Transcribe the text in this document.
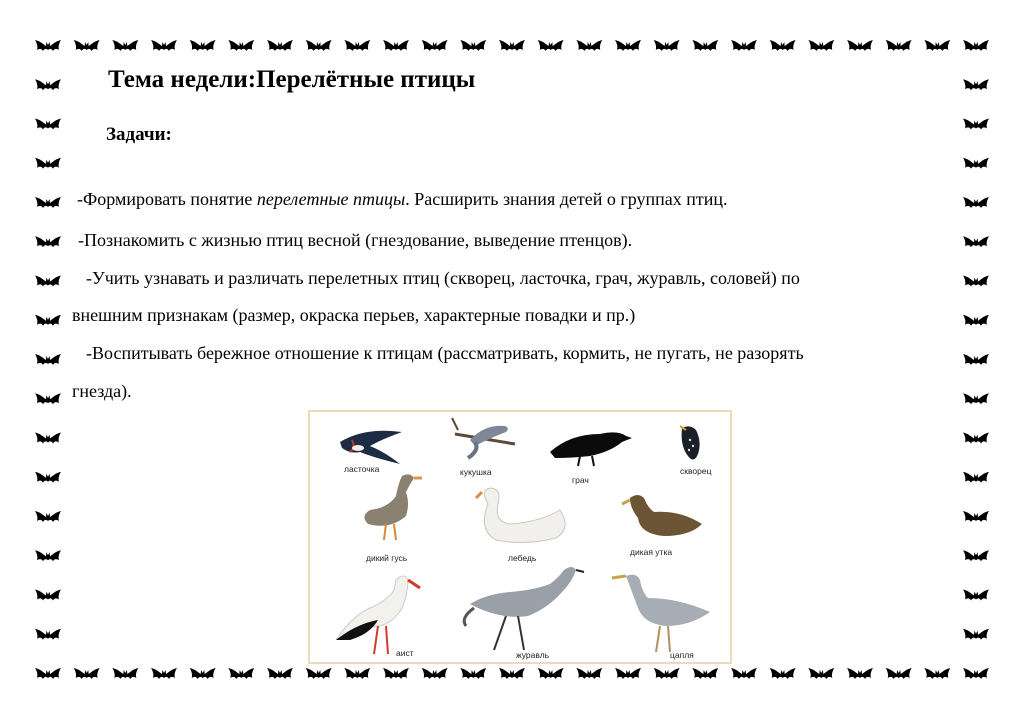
Тема недели:Перелётные птицы
Задачи:

-Формировать понятие перелетные птицы. Расширить знания детей о группах птиц.

-Познакомить с жизнью птиц весной (гнездование, выведение птенцов).

-Учить узнавать и различать перелетных птиц (скворец, ласточка, грач, журавль, соловей) по

внешним признакам (размер, окраска перьев, характерные повадки и пр.)

-Воспитывать бережное отношение к птицам (рассматривать, кормить, не пугать, не разорять

гнезда).

ласточка	кукушка
грач
скворец
дикий гусь	лебедь
дикая утка
аист	журавль	цапля
